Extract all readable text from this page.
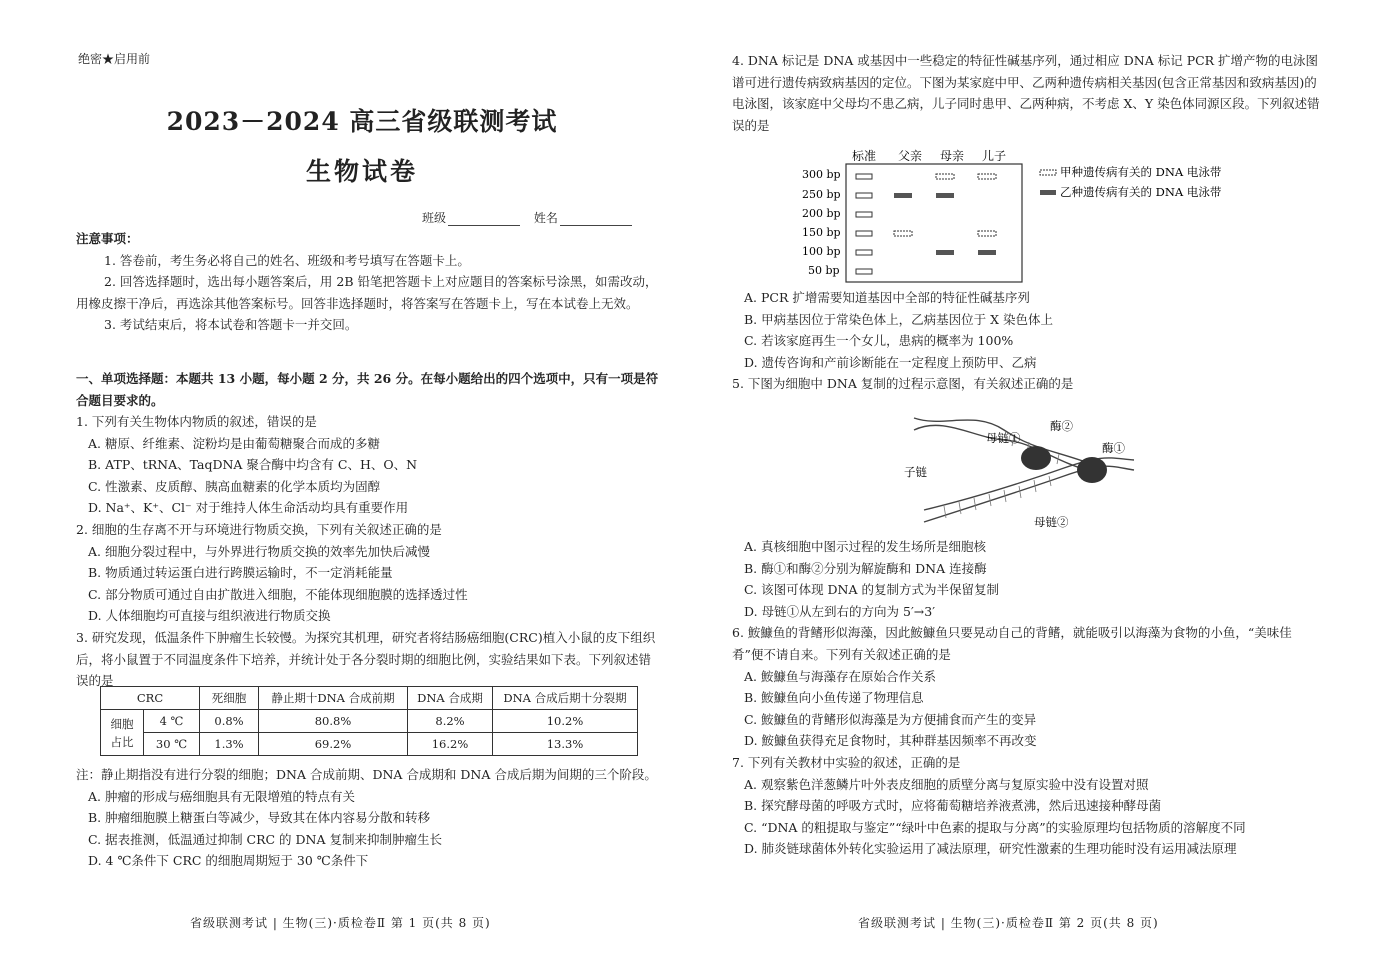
绝密★启用前
2023－2024 高三省级联测考试
生物试卷
班级	姓名
注意事项：
1. 答卷前，考生务必将自己的姓名、班级和考号填写在答题卡上。
2. 回答选择题时，选出每小题答案后，用 2B 铅笔把答题卡上对应题目的答案标号涂黑，如需改动，用橡皮擦干净后，再选涂其他答案标号。回答非选择题时，将答案写在答题卡上，写在本试卷上无效。
3. 考试结束后，将本试卷和答题卡一并交回。
一、单项选择题：本题共 13 小题，每小题 2 分，共 26 分。在每小题给出的四个选项中，只有一项是符合题目要求的。
1. 下列有关生物体内物质的叙述，错误的是
A. 糖原、纤维素、淀粉均是由葡萄糖聚合而成的多糖
B. ATP、tRNA、TaqDNA 聚合酶中均含有 C、H、O、N
C. 性激素、皮质醇、胰高血糖素的化学本质均为固醇
D. Na⁺、K⁺、Cl⁻ 对于维持人体生命活动均具有重要作用
2. 细胞的生存离不开与环境进行物质交换，下列有关叙述正确的是
A. 细胞分裂过程中，与外界进行物质交换的效率先加快后减慢
B. 物质通过转运蛋白进行跨膜运输时，不一定消耗能量
C. 部分物质可通过自由扩散进入细胞，不能体现细胞膜的选择透过性
D. 人体细胞均可直接与组织液进行物质交换
3. 研究发现，低温条件下肿瘤生长较慢。为探究其机理，研究者将结肠癌细胞(CRC)植入小鼠的皮下组织后，将小鼠置于不同温度条件下培养，并统计处于各分裂时期的细胞比例，实验结果如下表。下列叙述错误的是
CRC		死细胞	静止期十DNA 合成前期	DNA 合成期	DNA 合成后期十分裂期
细胞占比	4 ℃	0.8%	80.8%	8.2%	10.2%
	30 ℃	1.3%	69.2%	16.2%	13.3%
注：静止期指没有进行分裂的细胞；DNA 合成前期、DNA 合成期和 DNA 合成后期为间期的三个阶段。
A. 肿瘤的形成与癌细胞具有无限增殖的特点有关
B. 肿瘤细胞膜上糖蛋白等减少，导致其在体内容易分散和转移
C. 据表推测，低温通过抑制 CRC 的 DNA 复制来抑制肿瘤生长
D. 4 ℃条件下 CRC 的细胞周期短于 30 ℃条件下
省级联测考试 | 生物(三)·质检卷Ⅱ 第 1 页(共 8 页)
4. DNA 标记是 DNA 或基因中一些稳定的特征性碱基序列，通过相应 DNA 标记 PCR 扩增产物的电泳图谱可进行遗传病致病基因的定位。下图为某家庭中甲、乙两种遗传病相关基因(包含正常基因和致病基因)的电泳图，该家庭中父母均不患乙病，儿子同时患甲、乙两种病，不考虑 X、Y 染色体同源区段。下列叙述错误的是
标准 父亲 母亲 儿子
300 bp
250 bp
200 bp
150 bp
100 bp
50 bp
甲种遗传病有关的 DNA 电泳带
乙种遗传病有关的 DNA 电泳带
A. PCR 扩增需要知道基因中全部的特征性碱基序列
B. 甲病基因位于常染色体上，乙病基因位于 X 染色体上
C. 若该家庭再生一个女儿，患病的概率为 100%
D. 遗传咨询和产前诊断能在一定程度上预防甲、乙病
5. 下图为细胞中 DNA 复制的过程示意图，有关叙述正确的是
母链①
酶②
酶①
子链
母链②
A. 真核细胞中图示过程的发生场所是细胞核
B. 酶①和酶②分别为解旋酶和 DNA 连接酶
C. 该图可体现 DNA 的复制方式为半保留复制
D. 母链①从左到右的方向为 5′→3′
6. 鮟鱇鱼的背鳍形似海藻，因此鮟鱇鱼只要晃动自己的背鳍，就能吸引以海藻为食物的小鱼，“美味佳肴”便不请自来。下列有关叙述正确的是
A. 鮟鱇鱼与海藻存在原始合作关系
B. 鮟鱇鱼向小鱼传递了物理信息
C. 鮟鱇鱼的背鳍形似海藻是为方便捕食而产生的变异
D. 鮟鱇鱼获得充足食物时，其种群基因频率不再改变
7. 下列有关教材中实验的叙述，正确的是
A. 观察紫色洋葱鳞片叶外表皮细胞的质壁分离与复原实验中没有设置对照
B. 探究酵母菌的呼吸方式时，应将葡萄糖培养液煮沸，然后迅速接种酵母菌
C. “DNA 的粗提取与鉴定”“绿叶中色素的提取与分离”的实验原理均包括物质的溶解度不同
D. 肺炎链球菌体外转化实验运用了减法原理，研究性激素的生理功能时没有运用减法原理
省级联测考试 | 生物(三)·质检卷Ⅱ 第 2 页(共 8 页)
